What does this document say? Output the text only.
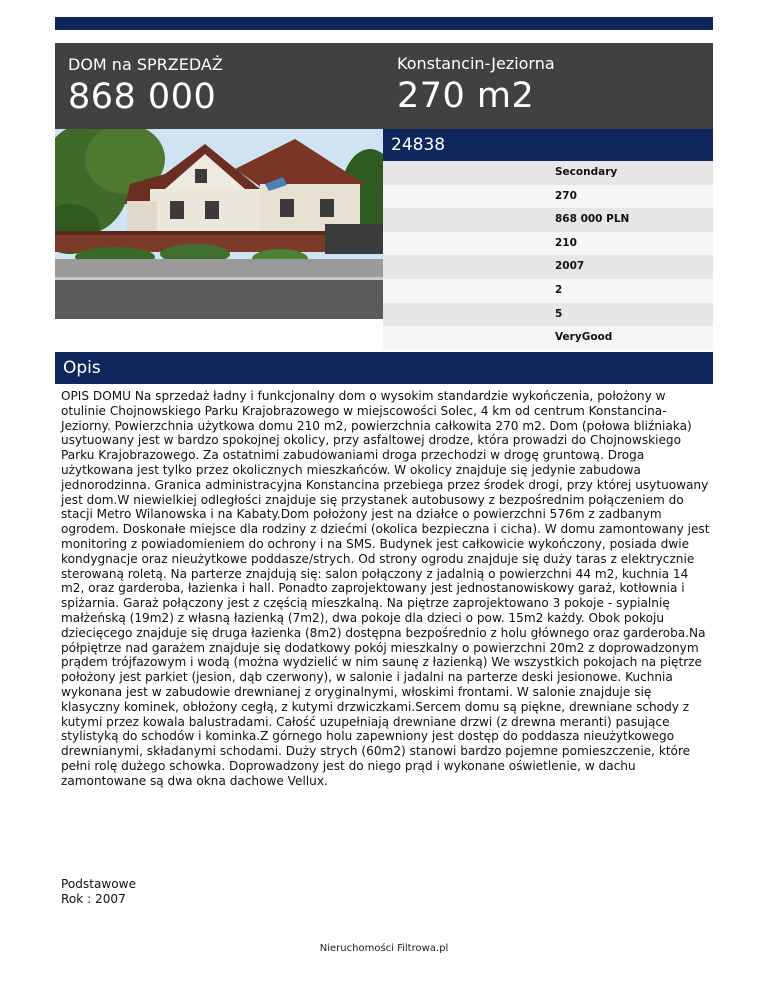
DOM na SPRZEDAŻ
868 000
Konstancin-Jeziorna
270 m2
24838
Secondary
270
868 000 PLN
210
2007
2
5
VeryGood
Opis
OPIS DOMU Na sprzedaż ładny i funkcjonalny dom o wysokim standardzie wykończenia, położony w otulinie Chojnowskiego Parku Krajobrazowego w miejscowości Solec, 4 km od centrum Konstancina-Jeziorny. Powierzchnia użytkowa domu 210 m2, powierzchnia całkowita 270 m2. Dom (połowa bliźniaka) usytuowany jest w bardzo spokojnej okolicy, przy asfaltowej drodze, która prowadzi do Chojnowskiego Parku Krajobrazowego. Za ostatnimi zabudowaniami droga przechodzi w drogę gruntową. Droga użytkowana jest tylko przez okolicznych mieszkańców. W okolicy znajduje się jedynie zabudowa jednorodzinna. Granica administracyjna Konstancina przebiega przez środek drogi, przy której usytuowany jest dom.W niewielkiej odległości znajduje się przystanek autobusowy z bezpośrednim połączeniem do stacji Metro Wilanowska i na Kabaty.Dom położony jest na działce o powierzchni 576m z zadbanym ogrodem. Doskonałe miejsce dla rodziny z dziećmi (okolica bezpieczna i cicha). W domu zamontowany jest monitoring z powiadomieniem do ochrony i na SMS. Budynek jest całkowicie wykończony, posiada dwie kondygnacje oraz nieużytkowe poddasze/strych. Od strony ogrodu znajduje się duży taras z elektrycznie sterowaną roletą. Na parterze znajdują się: salon połączony z jadalnią o powierzchni 44 m2, kuchnia 14 m2, oraz garderoba, łazienka i hall. Ponadto zaprojektowany jest jednostanowiskowy garaż, kotłownia i spiżarnia. Garaż połączony jest z częścią mieszkalną. Na piętrze zaprojektowano 3 pokoje - sypialnię małżeńską (19m2) z własną łazienką (7m2), dwa pokoje dla dzieci o pow. 15m2 każdy. Obok pokoju dziecięcego znajduje się druga łazienka (8m2) dostępna bezpośrednio z holu głównego oraz garderoba.Na półpiętrze nad garażem znajduje się dodatkowy pokój mieszkalny o powierzchni 20m2 z doprowadzonym prądem trójfazowym i wodą (można wydzielić w nim saunę z łazienką) We wszystkich pokojach na piętrze położony jest parkiet (jesion, dąb czerwony), w salonie i jadalni na parterze deski jesionowe. Kuchnia wykonana jest w zabudowie drewnianej z oryginalnymi, włoskimi frontami. W salonie znajduje się klasyczny kominek, obłożony cegłą, z kutymi drzwiczkami.Sercem domu są piękne, drewniane schody z kutymi przez kowala balustradami. Całość uzupełniają drewniane drzwi (z drewna meranti) pasujące stylistyką do schodów i kominka.Z górnego holu zapewniony jest dostęp do poddasza nieużytkowego drewnianymi, składanymi schodami. Duży strych (60m2) stanowi bardzo pojemne pomieszczenie, które pełni rolę dużego schowka. Doprowadzony jest do niego prąd i wykonane oświetlenie, w dachu zamontowane są dwa okna dachowe Vellux.
Podstawowe
Rok : 2007
Nieruchomości Filtrowa.pl
